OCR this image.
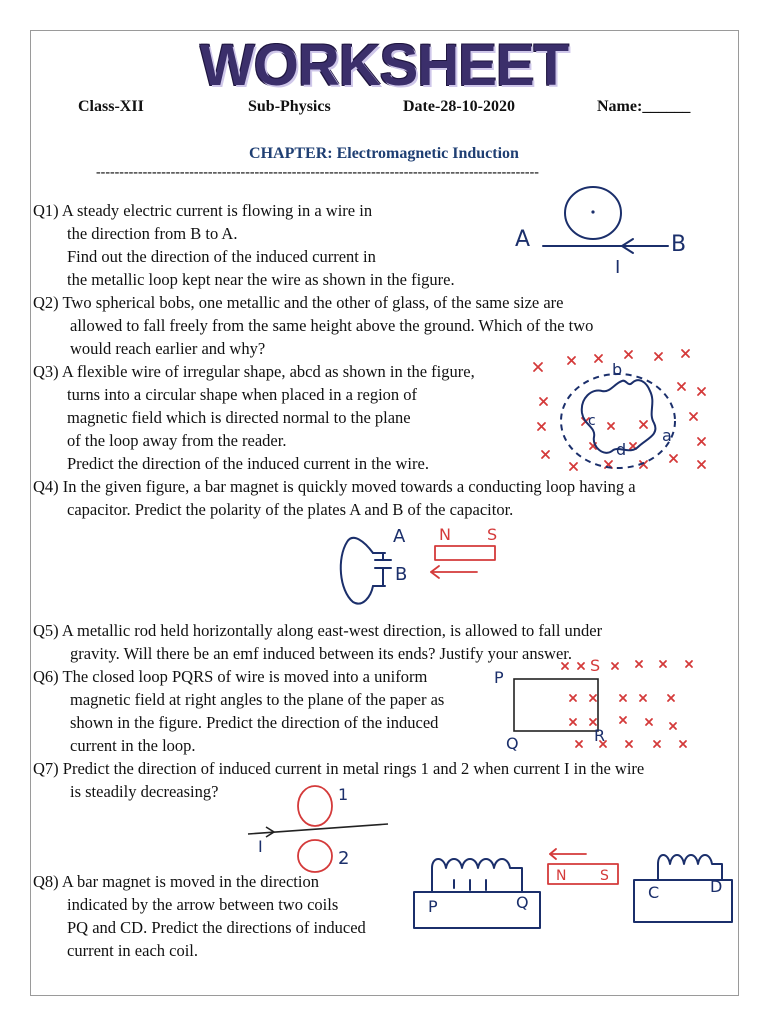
WORKSHEET
Class-XII	Sub-Physics	Date-28-10-2020	Name:______
CHAPTER: Electromagnetic Induction
-----------------------------------------------------------------------------------------------
Q1) A steady electric current is flowing in a wire in
the direction from B to A.
Find out the direction of the induced current in
the metallic loop kept near the wire as shown in the figure.
Q2) Two spherical bobs, one metallic and the other of glass, of the same size are
allowed to fall freely from the same height above the ground. Which of the two
would reach earlier and why?
Q3) A flexible wire of irregular shape, abcd as shown in the figure,
turns into a circular shape when placed in a region of
magnetic field which is directed normal to the plane
of the loop away from the reader.
Predict the direction of the induced current in the wire.
Q4) In the given figure, a bar magnet is quickly moved towards a conducting loop having a
capacitor. Predict the polarity of the plates A and B of the capacitor.
Q5) A metallic rod held horizontally along east-west direction, is allowed to fall under
gravity. Will there be an emf induced between its ends? Justify your answer.
Q6) The closed loop PQRS of wire is moved into a uniform
magnetic field at right angles to the plane of the paper as
shown in the figure. Predict the direction of the induced
current in the loop.
Q7) Predict the direction of induced current in metal rings 1 and 2 when current I in the wire
is steadily decreasing?
Q8) A bar magnet is moved in the direction
indicated by the arrow between two coils
PQ and CD. Predict the directions of induced
current in each coil.
A	B
I
b
c
d
a
A
B
N S
P
S
R
Q
1
2
I
P	Q
N S
C	D
